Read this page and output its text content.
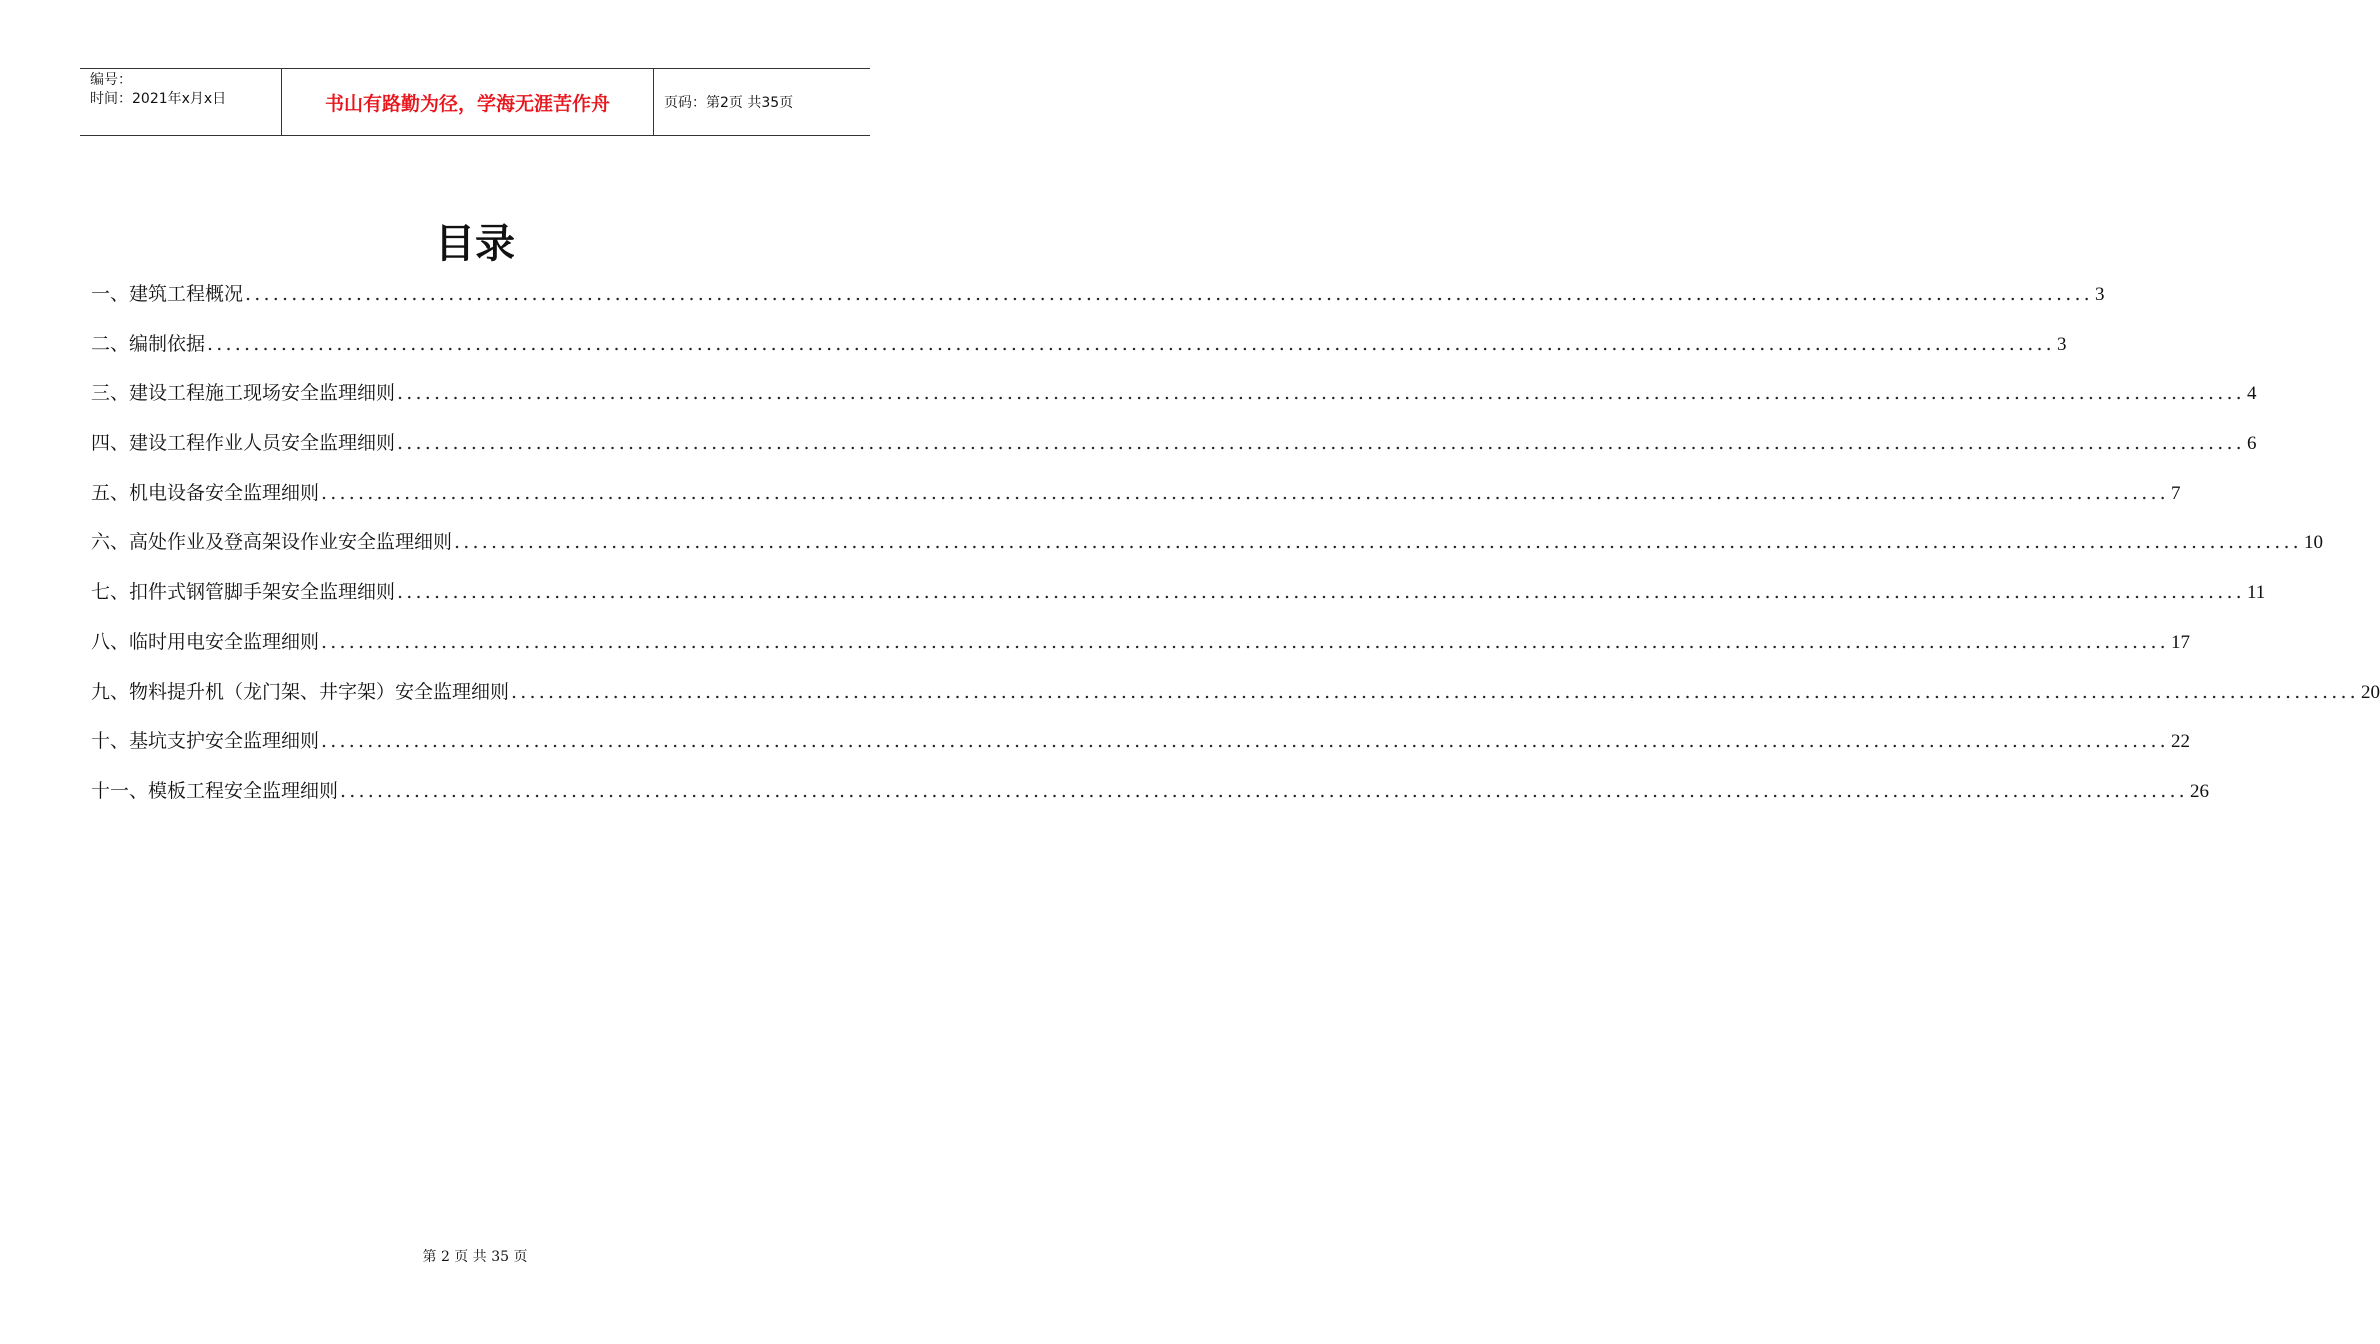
编号：
时间：2021年x月x日	书山有路勤为径，学海无涯苦作舟	页码：第2页 共35页
目录
一、建筑工程概况 ........................................................................................................................................................................................................ 3
二、编制依据 ........................................................................................................................................................................................................ 3
三、建设工程施工现场安全监理细则 ........................................................................................................................................................................................................ 4
四、建设工程作业人员安全监理细则 ........................................................................................................................................................................................................ 6
五、机电设备安全监理细则 ........................................................................................................................................................................................................ 7
六、高处作业及登高架设作业安全监理细则 ........................................................................................................................................................................................................ 10
七、扣件式钢管脚手架安全监理细则 ........................................................................................................................................................................................................ 11
八、临时用电安全监理细则 ........................................................................................................................................................................................................ 17
九、物料提升机（龙门架、井字架）安全监理细则 ........................................................................................................................................................................................................ 20
十、基坑支护安全监理细则 ........................................................................................................................................................................................................ 22
十一、模板工程安全监理细则 ........................................................................................................................................................................................................ 26
第 2 页 共 35 页
